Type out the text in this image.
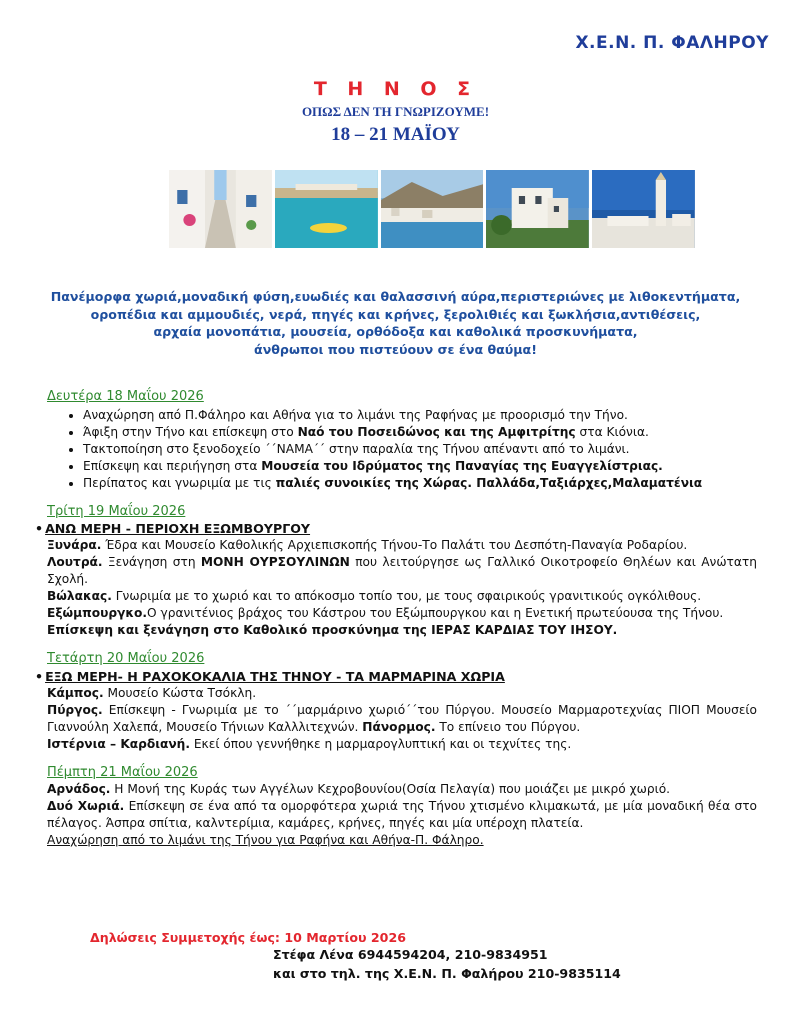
Χ.Ε.Ν. Π. ΦΑΛΗΡΟΥ
Τ Η Ν Ο Σ
ΟΠΩΣ ΔΕΝ ΤΗ ΓΝΩΡΙΖΟΥΜΕ!
18 – 21 ΜΑΪΟΥ
Πανέμορφα χωριά,μοναδική φύση,ευωδιές και θαλασσινή αύρα,περιστεριώνες με λιθοκεντήματα,
οροπέδια και αμμουδιές, νερά, πηγές και κρήνες, ξερολιθιές και ξωκλήσια,αντιθέσεις,
αρχαία μονοπάτια, μουσεία, ορθόδοξα και καθολικά προσκυνήματα,
άνθρωποι που πιστεύουν σε ένα θαύμα!
Δευτέρα 18 Μαΐου 2026
• Αναχώρηση από Π.Φάληρο και Αθήνα για το λιμάνι της Ραφήνας με προορισμό την Τήνο.
• Άφιξη στην Τήνο και επίσκεψη στο Ναό του Ποσειδώνος και της Αμφιτρίτης στα Κιόνια.
• Τακτοποίηση στο ξενοδοχείο ΄΄ΝΑΜΑ΄΄ στην παραλία της Τήνου απέναντι από το λιμάνι.
• Επίσκεψη και περιήγηση στα Μουσεία του Ιδρύματος της Παναγίας της Ευαγγελίστριας.
• Περίπατος και γνωριμία με τις παλιές συνοικίες της Χώρας. Παλλάδα,Ταξιάρχες,Μαλαματένια
Τρίτη 19 Μαΐου 2026
• ΑΝΩ ΜΕΡΗ - ΠΕΡΙΟΧΗ ΕΞΩΜΒΟΥΡΓΟΥ

Ξυνάρα. Έδρα και Μουσείο Καθολικής Αρχιεπισκοπής Τήνου-Το Παλάτι του Δεσπότη-Παναγία Ροδαρίου.

Λουτρά. Ξενάγηση στη ΜΟΝΗ ΟΥΡΣΟΥΛΙΝΩΝ που λειτούργησε ως Γαλλικό Οικοτροφείο Θηλέων και Ανώτατη Σχολή.

Βώλακας. Γνωριμία με το χωριό και το απόκοσμο τοπίο του, με τους σφαιρικούς γρανιτικούς ογκόλιθους.

Εξώμπουργκο.Ο γρανιτένιος βράχος του Κάστρου του Εξώμπουργκου και η Ενετική πρωτεύουσα της Τήνου.

Επίσκεψη και ξενάγηση στο Καθολικό προσκύνημα της ΙΕΡΑΣ ΚΑΡΔΙΑΣ ΤΟΥ ΙΗΣΟΥ.

Τετάρτη 20 Μαΐου 2026
• ΕΞΩ ΜΕΡΗ- Η ΡΑΧΟΚΟΚΑΛΙΑ ΤΗΣ ΤΗΝΟΥ - ΤΑ ΜΑΡΜΑΡΙΝΑ ΧΩΡΙΑ

Κάμπος. Μουσείο Κώστα Τσόκλη.

Πύργος. Επίσκεψη - Γνωριμία με το ΄΄μαρμάρινο χωριό΄΄του Πύργου. Μουσείο Μαρμαροτεχνίας ΠΙΟΠ Μουσείο Γιαννούλη Χαλεπά, Μουσείο Τήνιων Καλλλιτεχνών. Πάνορμος. Το επίνειο του Πύργου.

Ιστέρνια – Καρδιανή. Εκεί όπου γεννήθηκε η μαρμαρογλυπτική και οι τεχνίτες της.

Πέμπτη 21 Μαΐου 2026

Αρνάδος. Η Μονή της Κυράς των Αγγέλων Κεχροβουνίου(Οσία Πελαγία) που μοιάζει με μικρό χωριό.

Δυό Χωριά. Επίσκεψη σε ένα από τα ομορφότερα χωριά της Τήνου χτισμένο κλιμακωτά, με μία μοναδική θέα στο πέλαγος. Άσπρα σπίτια, καλντερίμια, καμάρες, κρήνες, πηγές και μία υπέροχη πλατεία.

Αναχώρηση από το λιμάνι της Τήνου για Ραφήνα και Αθήνα-Π. Φάληρο.

Δηλώσεις Συμμετοχής έως: 10 Μαρτίου 2026
Στέφα Λένα 6944594204, 210-9834951
και στο τηλ. της Χ.Ε.Ν. Π. Φαλήρου 210-9835114
